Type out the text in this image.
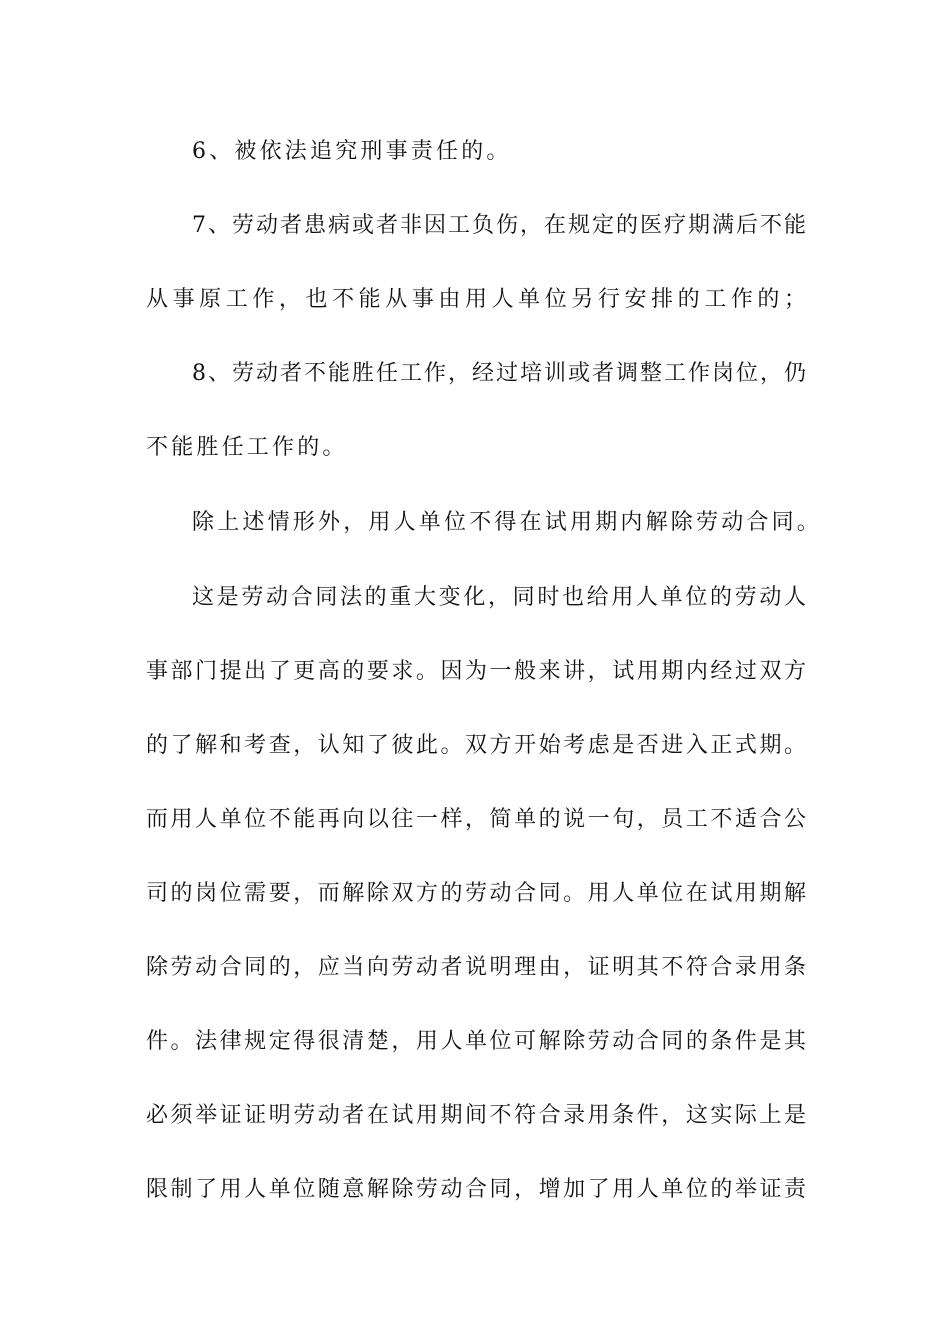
6、被依法追究刑事责任的。
7、劳动者患病或者非因工负伤，在规定的医疗期满后不能
从事原工作，也不能从事由用人单位另行安排的工作的；
8、劳动者不能胜任工作，经过培训或者调整工作岗位，仍
不能胜任工作的。
除上述情形外，用人单位不得在试用期内解除劳动合同。
这是劳动合同法的重大变化，同时也给用人单位的劳动人
事部门提出了更高的要求。因为一般来讲，试用期内经过双方
的了解和考查，认知了彼此。双方开始考虑是否进入正式期。
而用人单位不能再向以往一样，简单的说一句，员工不适合公
司的岗位需要，而解除双方的劳动合同。用人单位在试用期解
除劳动合同的，应当向劳动者说明理由，证明其不符合录用条
件。法律规定得很清楚，用人单位可解除劳动合同的条件是其
必须举证证明劳动者在试用期间不符合录用条件，这实际上是
限制了用人单位随意解除劳动合同，增加了用人单位的举证责
